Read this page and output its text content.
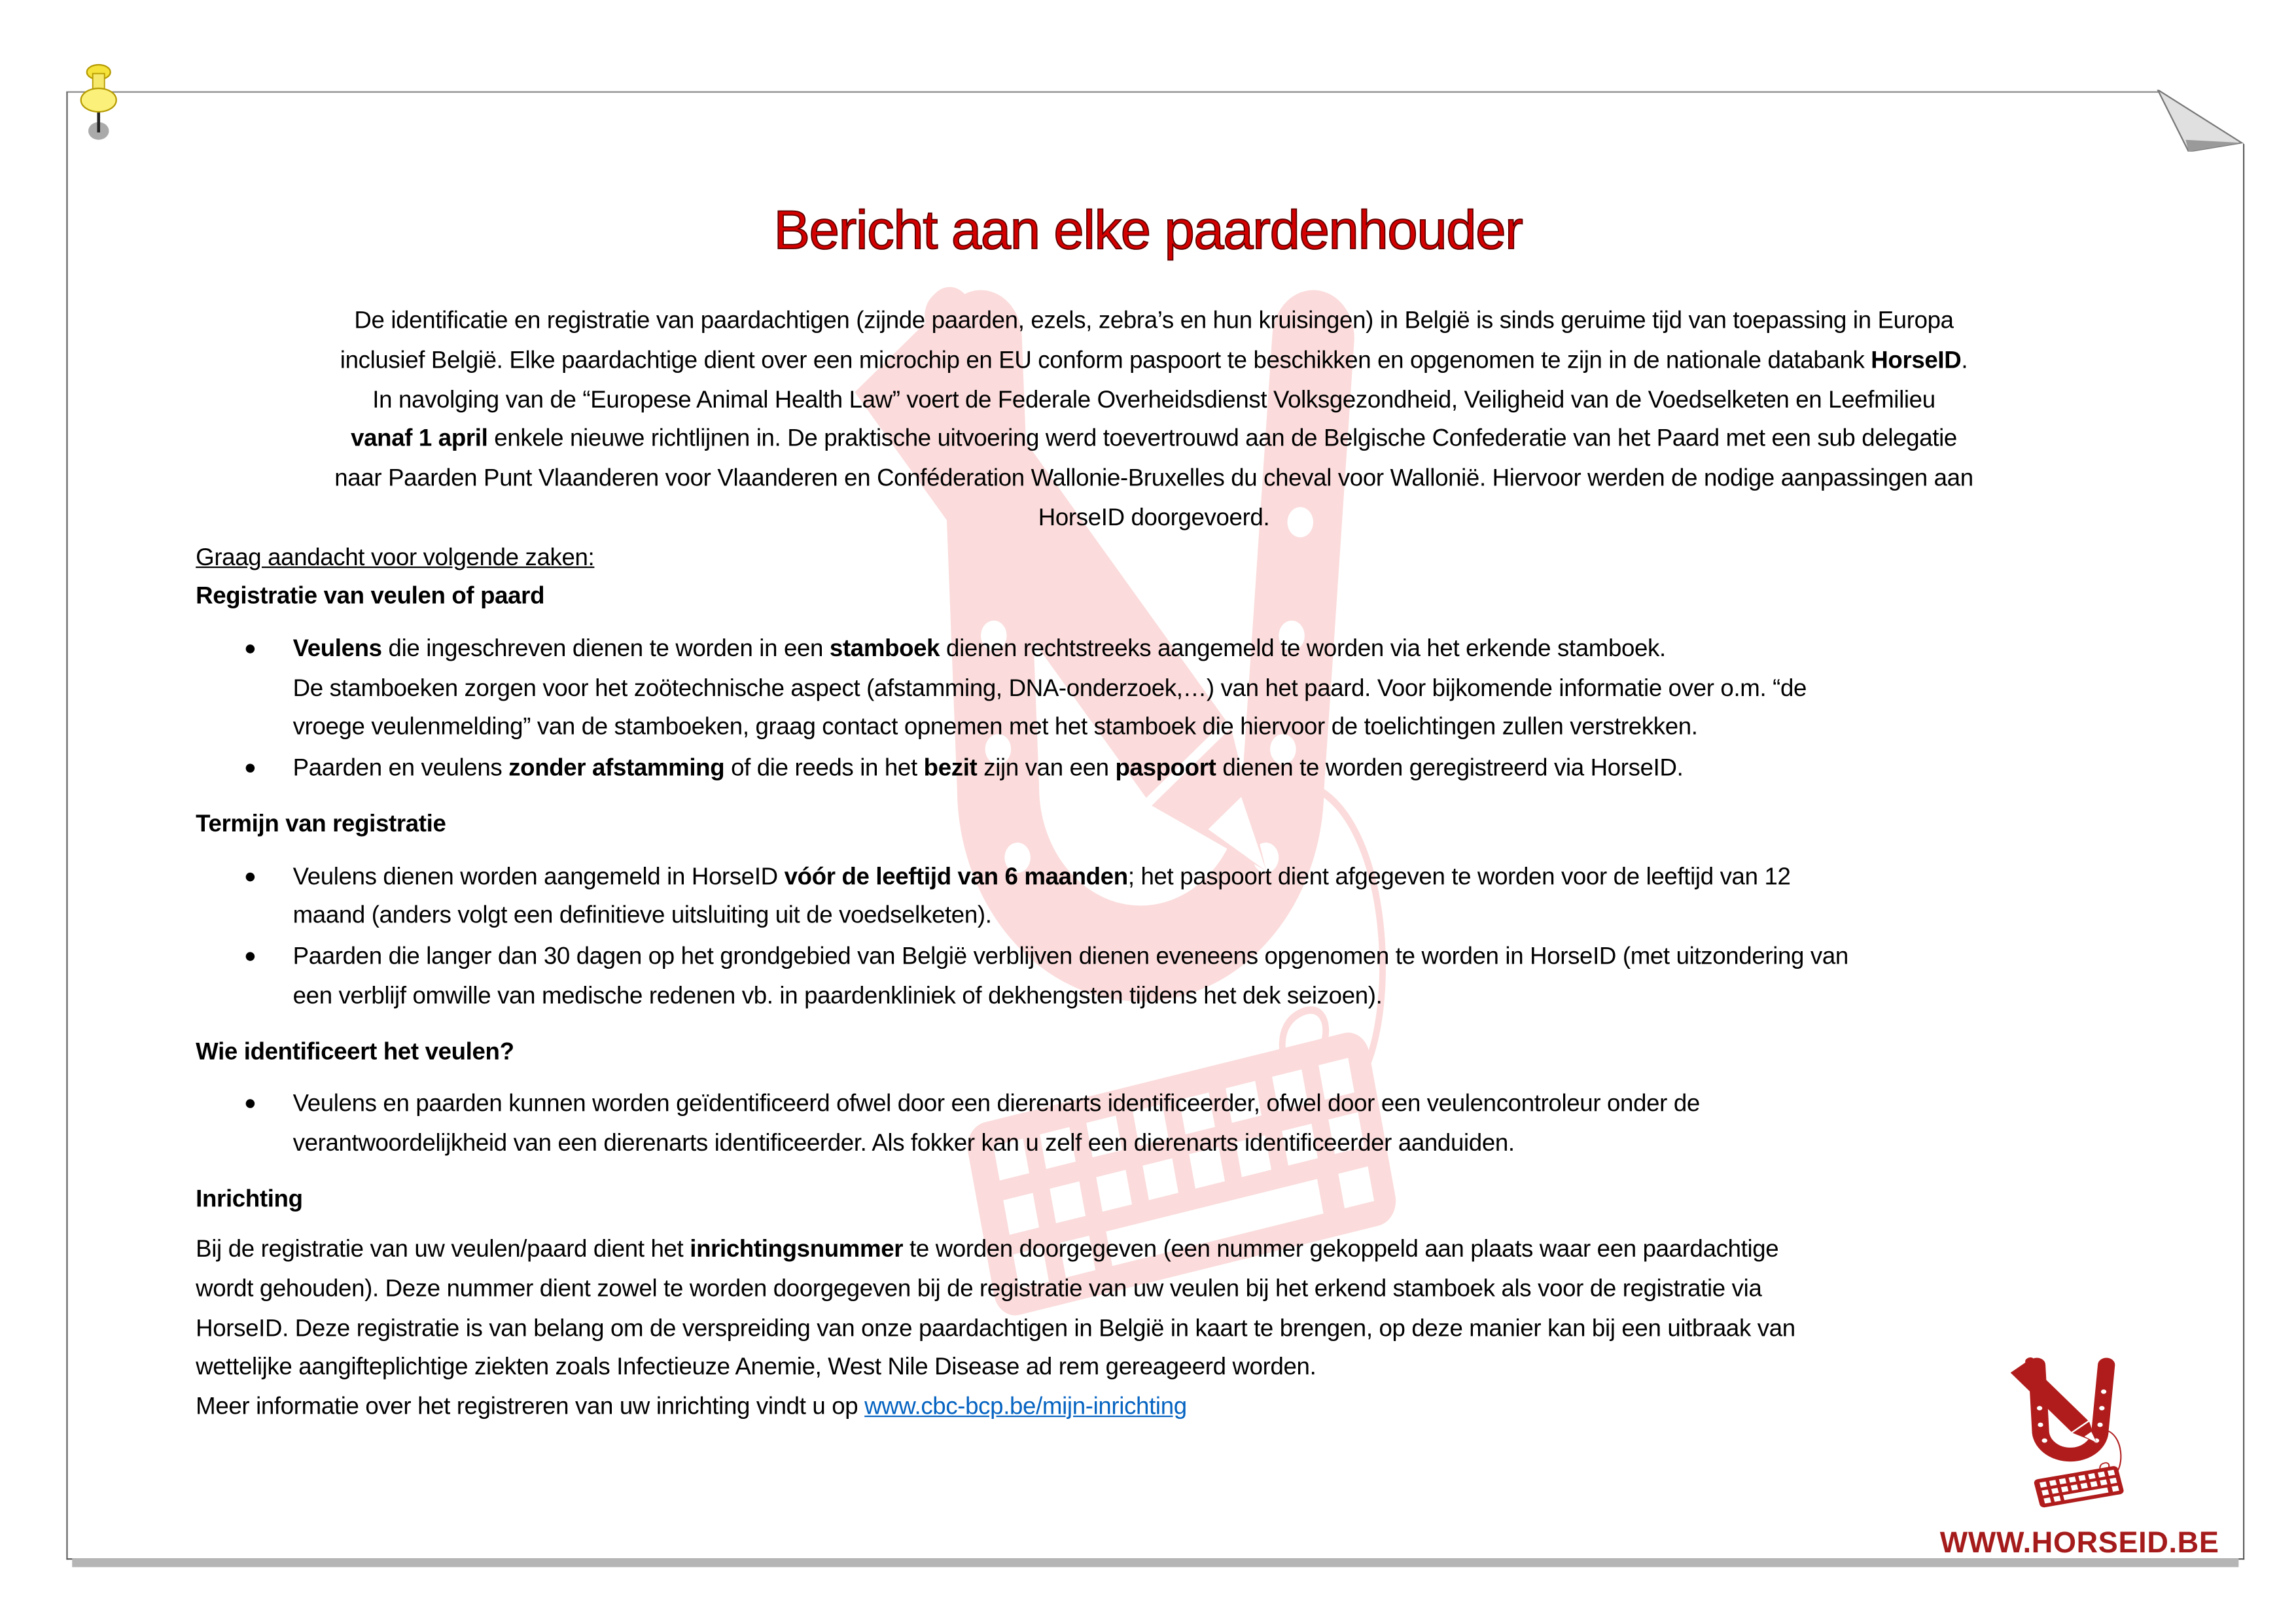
Bericht aan elke paardenhouder
De identificatie en registratie van paardachtigen (zijnde paarden, ezels, zebra’s en hun kruisingen) in België is sinds geruime tijd van toepassing in Europa
inclusief België. Elke paardachtige dient over een microchip en EU conform paspoort te beschikken en opgenomen te zijn in de nationale databank HorseID.
In navolging van de “Europese Animal Health Law” voert de Federale Overheidsdienst Volksgezondheid, Veiligheid van de Voedselketen en Leefmilieu
vanaf 1 april enkele nieuwe richtlijnen in. De praktische uitvoering werd toevertrouwd aan de Belgische Confederatie van het Paard met een sub delegatie
naar Paarden Punt Vlaanderen voor Vlaanderen en Conféderation Wallonie-Bruxelles du cheval voor Wallonië. Hiervoor werden de nodige aanpassingen aan
HorseID doorgevoerd.
Graag aandacht voor volgende zaken:
Registratie van veulen of paard
Veulens die ingeschreven dienen te worden in een stamboek dienen rechtstreeks aangemeld te worden via het erkende stamboek.
De stamboeken zorgen voor het zoötechnische aspect (afstamming, DNA-onderzoek,…) van het paard. Voor bijkomende informatie over o.m. “de
vroege veulenmelding” van de stamboeken, graag contact opnemen met het stamboek die hiervoor de toelichtingen zullen verstrekken.
Paarden en veulens zonder afstamming of die reeds in het bezit zijn van een paspoort dienen te worden geregistreerd via HorseID.
Termijn van registratie
Veulens dienen worden aangemeld in HorseID vóór de leeftijd van 6 maanden; het paspoort dient afgegeven te worden voor de leeftijd van 12
maand (anders volgt een definitieve uitsluiting uit de voedselketen).
Paarden die langer dan 30 dagen op het grondgebied van België verblijven dienen eveneens opgenomen te worden in HorseID (met uitzondering van
een verblijf omwille van medische redenen vb. in paardenkliniek of dekhengsten tijdens het dek seizoen).
Wie identificeert het veulen?
Veulens en paarden kunnen worden geïdentificeerd ofwel door een dierenarts identificeerder, ofwel door een veulencontroleur onder de
verantwoordelijkheid van een dierenarts identificeerder. Als fokker kan u zelf een dierenarts identificeerder aanduiden.
Inrichting
Bij de registratie van uw veulen/paard dient het inrichtingsnummer te worden doorgegeven (een nummer gekoppeld aan plaats waar een paardachtige
wordt gehouden). Deze nummer dient zowel te worden doorgegeven bij de registratie van uw veulen bij het erkend stamboek als voor de registratie via
HorseID. Deze registratie is van belang om de verspreiding van onze paardachtigen in België in kaart te brengen, op deze manier kan bij een uitbraak van
wettelijke aangifteplichtige ziekten zoals Infectieuze Anemie, West Nile Disease ad rem gereageerd worden.
Meer informatie over het registreren van uw inrichting vindt u op www.cbc-bcp.be/mijn-inrichting
WWW.HORSEID.BE
